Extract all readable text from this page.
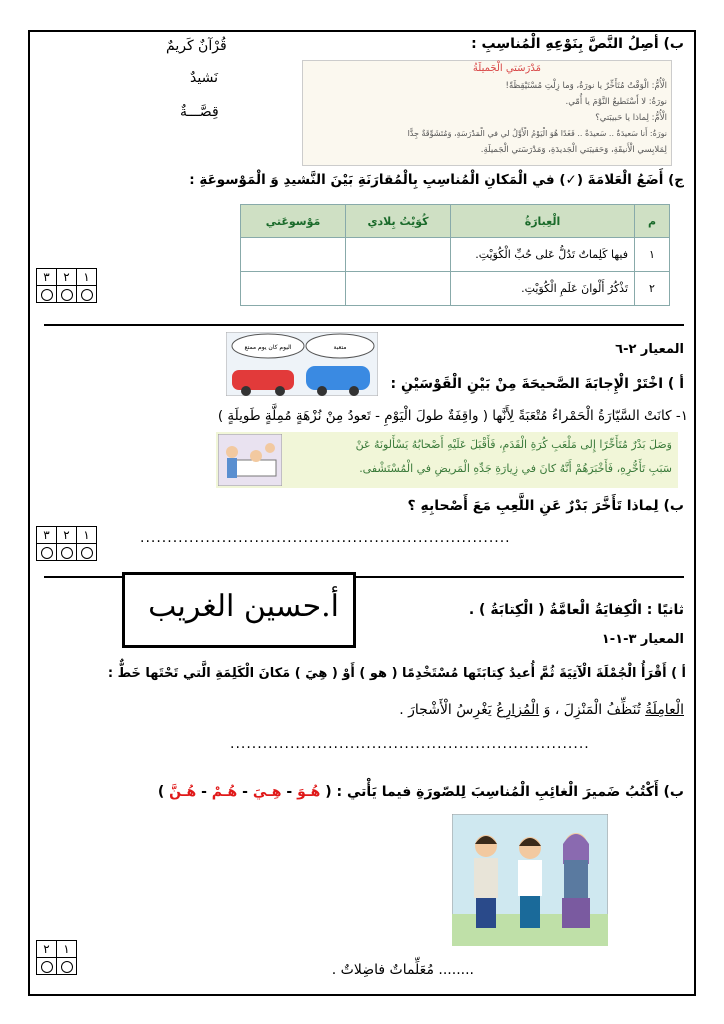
ب) أصِلُ النَّصَّ بِنَوْعِهِ الْمُناسِبِ :
قُرْآنٌ كَريمٌ
نَشيدٌ
قِصَّـــةٌ
مَدْرَسَتي الْجَميلَةُ
الْأُمُّ: الْوَقْتُ مُتَأَخِّرٌ يا نورَةُ، وَما زِلْتِ مُسْتَيْقِظَةً!
نورَةُ: لا أَسْتَطيعُ النَّوْمَ يا أُمّي.
الْأُمُّ: لِماذا يا حَبيبَتي؟
نورَةُ: أَنا سَعيدَةٌ .. سَعيدَةٌ .. فَغَدًا هُوَ الْيَوْمُ الْأَوَّلُ لي في الْمَدْرَسَةِ، وَمُتَشَوِّقَةٌ جِدًّا
لِمَلابِسي الْأَنيقَةِ، وَحَقيبَتي الْجَديدَةِ، وَمَدْرَسَتي الْجَميلَةِ.
ج) أَضَعُ الْعَلامَةَ (✓) في الْمَكانِ الْمُناسِبِ بِالْمُقارَنَةِ بَيْنَ النَّشيدِ وَ الْمَوْسوعَةِ :
م	الْعِبارَةُ	كُوَيْتُ بِلادي	مَوْسوعَتي
١	فيها كَلِماتٌ تَدُلُّ عَلى حُبِّ الْكُوَيْتِ.		
٢	تَذْكُرُ أَلْوانَ عَلَمِ الْكُوَيْتِ.		
٣	٢	١

المعيار ٢-٦
اليوم كان يوم ممتع	متعبة
أ ) اخْتَرْ الْإِجابَةَ الصَّحيحَةَ مِنْ بَيْنِ الْقَوْسَيْنِ :
١- كانَتْ السَّيّارَةُ الْحَمْراءُ مُتْعَبَةً لِأَنَّها ( واقِفَةٌ طولَ الْيَوْمِ - تَعودُ مِنْ نُزْهَةٍ مُمِلَّةٍ طَويلَةٍ )
وَصَلَ بَدْرٌ مُتَأَخِّرًا إِلى مَلْعَبِ كُرَةِ الْقَدَمِ، فَأَقْبَلَ عَلَيْهِ أَصْحابُهُ يَسْأَلونَهُ عَنْ
سَبَبِ تَأَخُّرِهِ، فَأَخْبَرَهُمْ أَنَّهُ كانَ في زِيارَةِ جَدِّهِ الْمَريضِ في الْمُسْتَشْفى.
ب) لِماذا تَأَخَّرَ بَدْرٌ عَنِ اللَّعِبِ مَعَ أَصْحابِهِ ؟
....................................................................
٣	٢	١

أ.حسين الغريب	ثانيًا : الْكِفايَةُ الْعامَّةُ ( الْكِتابَةُ ) .
المعيار ٣-١-١
أ ) أَقْرَأُ الْجُمْلَةَ الْآتِيَةَ ثُمَّ أُعيدُ كِتابَتَها مُسْتَخْدِمًا ( هو ) أَوْ ( هِيَ ) مَكانَ الْكَلِمَةِ الَّتي تَحْتَها خَطٌّ :
الْعامِلَةُ تُنَظِّفُ الْمَنْزِلَ ، وَ الْمُزارِعُ يَغْرِسُ الْأَشْجارَ .
..................................................................
ب) أَكْتُبُ ضَميرَ الْغائِبِ الْمُناسِبَ لِلصّورَةِ فيما يَأْتي : ( هُـوَ - هِـيَ - هُـمْ - هُـنَّ )
........ مُعَلِّماتٌ فاضِلاتٌ .
٢	١
